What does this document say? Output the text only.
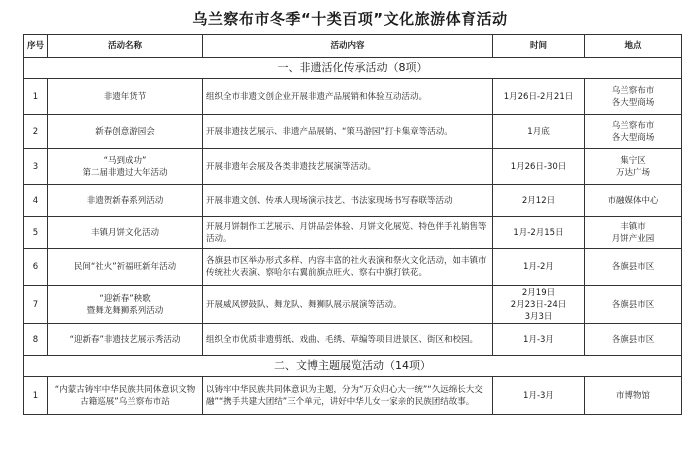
乌兰察布市冬季“十类百项”文化旅游体育活动
序号	活动名称	活动内容	时间	地点
一、非遗活化传承活动（8项）				
1	非遗年货节	组织全市非遗文创企业开展非遗产品展销和体验互动活动。	1月26日-2月21日	乌兰察布市
各大型商场
2	新春创意游园会	开展非遗技艺展示、非遗产品展销、“策马游园”打卡集章等活动。	1月底	乌兰察布市
各大型商场
3	“马到成功”
第二届非遗过大年活动	开展非遗年会展及各类非遗技艺展演等活动。	1月26日-30日	集宁区
万达广场
4	非遗贺新春系列活动	开展非遗文创、传承人现场演示技艺、书法家现场书写春联等活动	2月12日	市融媒体中心
5	丰镇月饼文化活动	开展月饼制作工艺展示、月饼品尝体验、月饼文化展览、特色伴手礼销售等活动。	1月-2月15日	丰镇市
月饼产业园
6	民间“社火”祈福旺新年活动	各旗县市区举办形式多样、内容丰富的社火表演和祭火文化活动，如丰镇市传统社火表演、察哈尔右翼前旗点旺火、察右中旗打铁花。	1月-2月	各旗县市区
7	“迎新春”秧歌
暨舞龙舞狮系列活动	开展威风锣鼓队、舞龙队、舞狮队展示展演等活动。	2月19日
2月23日-24日
3月3日	各旗县市区
8	“迎新春”非遗技艺展示秀活动	组织全市优质非遗剪纸、戏曲、毛绣、草编等项目进景区、街区和校园。	1月-3月	各旗县市区
二、文博主题展览活动（14项）				
1	“内蒙古铸牢中华民族共同体意识文物古籍巡展”乌兰察布市站	以铸牢中华民族共同体意识为主题，分为“万众归心大一统”“久远绵长大交融”“携手共建大团结”三个单元，讲好中华儿女一家亲的民族团结故事。	1月-3月	市博物馆
